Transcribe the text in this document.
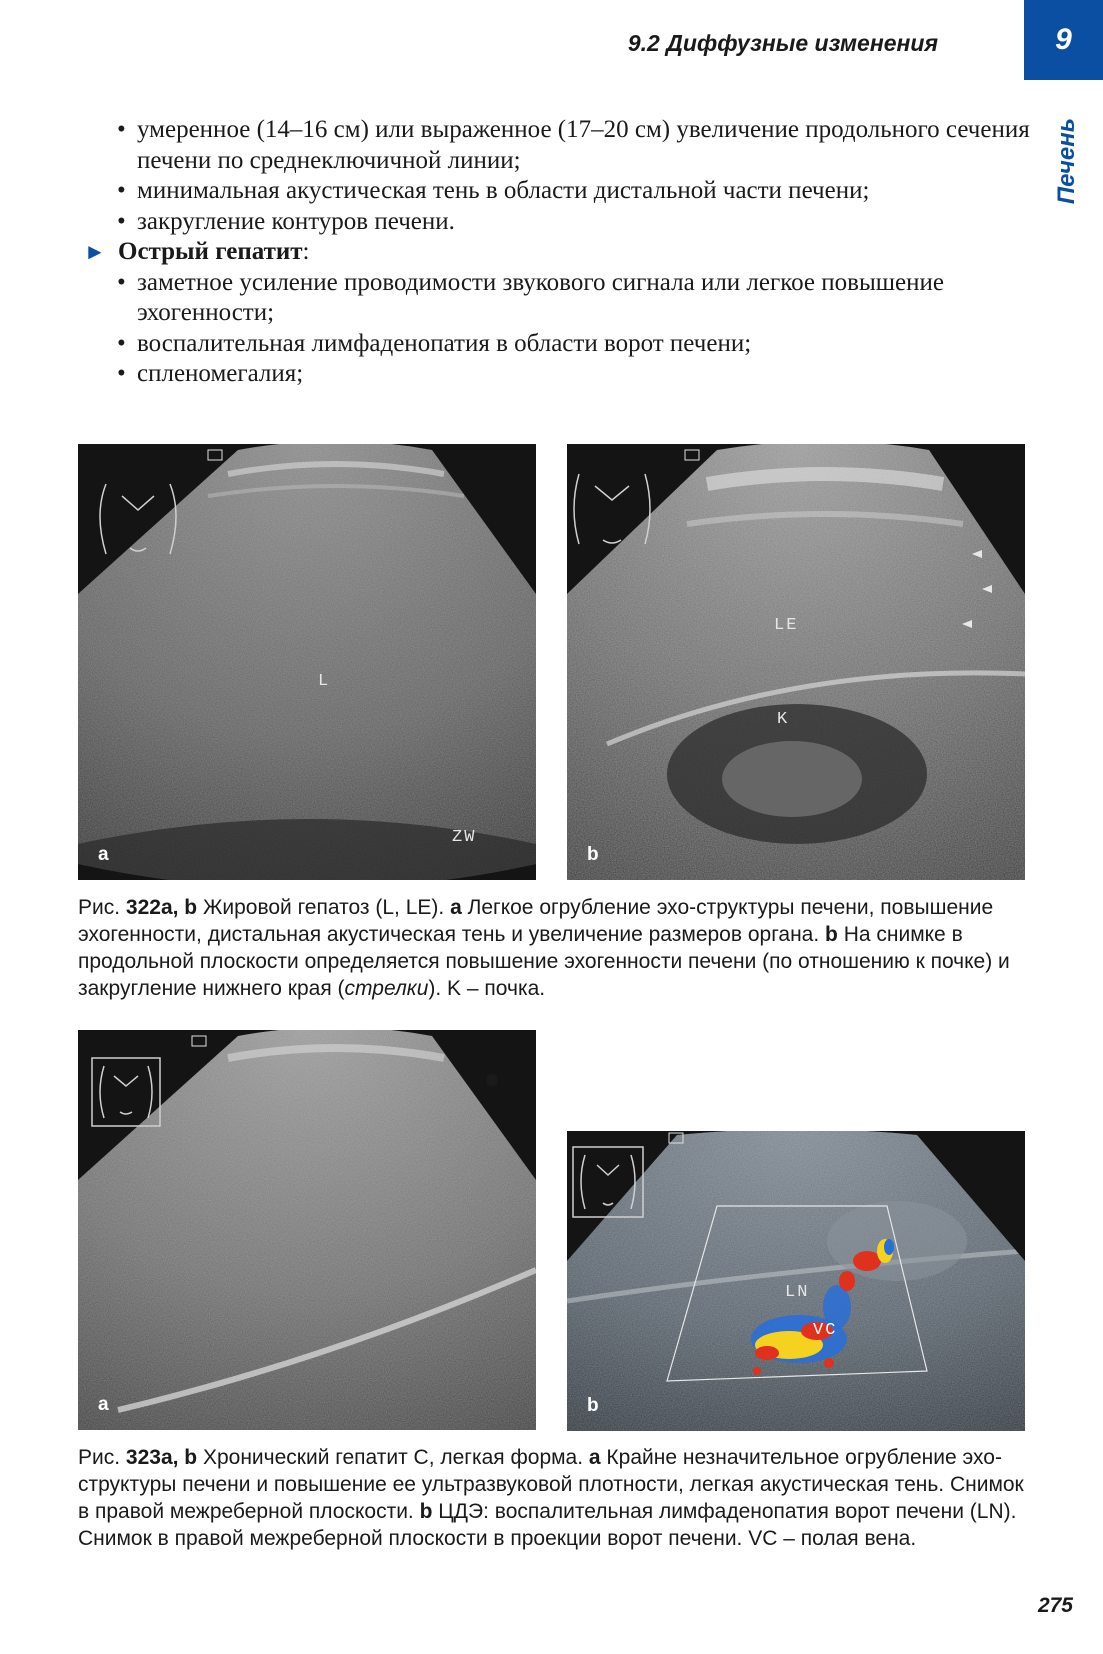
9.2 Диффузные изменения	9
Печень
• умеренное (14–16 см) или выраженное (17–20 см) увеличение продольного сечения печени по среднеключичной линии;
• минимальная акустическая тень в области дистальной части печени;
• закругление контуров печени.
► Острый гепатит:
• заметное усиление проводимости звукового сигнала или легкое повышение эхогенности;
• воспалительная лимфаденопатия в области ворот печени;
• спленомегалия;
L
ZW
a
LE
K
b
Рис. 322a, b Жировой гепатоз (L, LE). a Легкое огрубление эхо-структуры печени, повышение эхогенности, дистальная акустическая тень и увеличение размеров органа. b На снимке в продольной плоскости определяется повышение эхогенности печени (по отношению к почке) и закругление нижнего края (стрелки). K – почка.
a
LN
VC
b
Рис. 323a, b Хронический гепатит С, легкая форма. a Крайне незначительное огрубление эхо-структуры печени и повышение ее ультразвуковой плотности, легкая акустическая тень. Снимок в правой межреберной плоскости. b ЦДЭ: воспалительная лимфаденопатия ворот печени (LN). Снимок в правой межреберной плоскости в проекции ворот печени. VC – полая вена.
275
